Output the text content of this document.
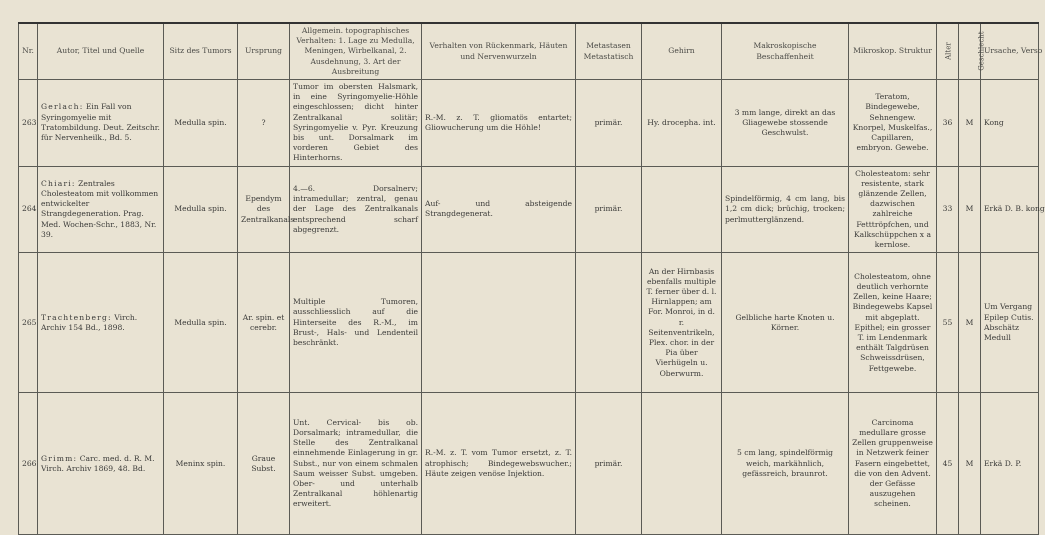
Nr.	Autor, Titel und Quelle	Sitz des Tumors	Ursprung	Allgemein. topographisches Verhalten: 1. Lage zu Medulla, Meningen, Wirbelkanal, 2. Ausdehnung, 3. Art der Ausbreitung	Verhalten von Rückenmark, Häuten und Nervenwurzeln	Metastasen Metastatisch	Gehirn	Makroskopische Beschaffenheit	Mikroskop. Struktur	Alter	Geschlecht	Ursache, Verso
263	Gerlach: Ein Fall von Syringomyelie mit Tratombildung. Deut. Zeitschr. für Nervenheilk., Bd. 5.	Medulla spin.	?	Tumor im obersten Halsmark, in eine Syringomyelie-Höhle eingeschlossen; dicht hinter Zentralkanal solitär; Syringomyelie v. Pyr. Kreuzung bis unt. Dorsalmark im vorderen Gebiet des Hinterhorns.	R.-M. z. T. gliomatös entartet; Gliowucherung um die Höhle!	primär.	Hy. drocepha. int.	3 mm lange, direkt an das Gliagewebe stossende Geschwulst.	Teratom, Bindegewebe, Sehnengew. Knorpel, Muskelfas., Capillaren, embryon. Gewebe.	36	M	Kong
264	Chiari: Zentrales Cholesteatom mit vollkommen entwickelter Strangdegeneration. Prag. Med. Wochen-Schr., 1883, Nr. 39.	Medulla spin.	Ependym des Zentralkanals	4.—6. Dorsalnerv; intramedullar; zentral, genau der Lage des Zentralkanals entsprechend scharf abgegrenzt.	Auf- und absteigende Strangdegenerat.	primär.		Spindelförmig, 4 cm lang, bis 1,2 cm dick; brüchig, trocken; perlmutterglänzend.	Cholesteatom: sehr resistente, stark glänzende Zellen, dazwischen zahlreiche Fetttröpfchen, und Kalkschüppchen x a kernlose.	33	M	Erkä D. B. kong
265	Trachtenberg: Virch. Archiv 154 Bd., 1898.	Medulla spin.	Ar. spin. et cerebr.	Multiple Tumoren, ausschliesslich auf die Hinterseite des R.-M., im Brust-, Hals- und Lendenteil beschränkt.			An der Hirnbasis ebenfalls multiple T. ferner über d. l. Hirnlappen; am For. Monroi, in d. r. Seitenventrikeln, Plex. chor. in der Pia über Vierhügeln u. Oberwurm.	Gelbliche harte Knoten u. Körner.	Cholesteatom, ohne deutlich verhornte Zellen, keine Haare; Bindegewebs Kapsel mit abgeplatt. Epithel; ein grosser T. im Lendenmark enthält Talgdrüsen Schweissdrüsen, Fettgewebe.	55	M	Um Vergang Epilep Cutis. Abschätz Medull
266	Grimm: Carc. med. d. R. M. Virch. Archiv 1869, 48. Bd.	Meninx spin.	Graue Subst.	Unt. Cervical- bis ob. Dorsalmark; intramedullar, die Stelle des Zentralkanal einnehmende Einlagerung in gr. Subst., nur von einem schmalen Saum weisser Subst. umgeben. Ober- und unterhalb Zentralkanal höhlenartig erweitert.	R.-M. z. T. vom Tumor ersetzt, z. T. atrophisch; Bindegewebswucher.; Häute zeigen venöse Injektion.	primär.		5 cm lang, spindelförmig weich, markähnlich, gefässreich, braunrot.	Carcinoma medullare grosse Zellen gruppenweise in Netzwerk feiner Fasern eingebettet, die von den Advent. der Gefässe auszugehen scheinen.	45	M	Erkä D. P.
